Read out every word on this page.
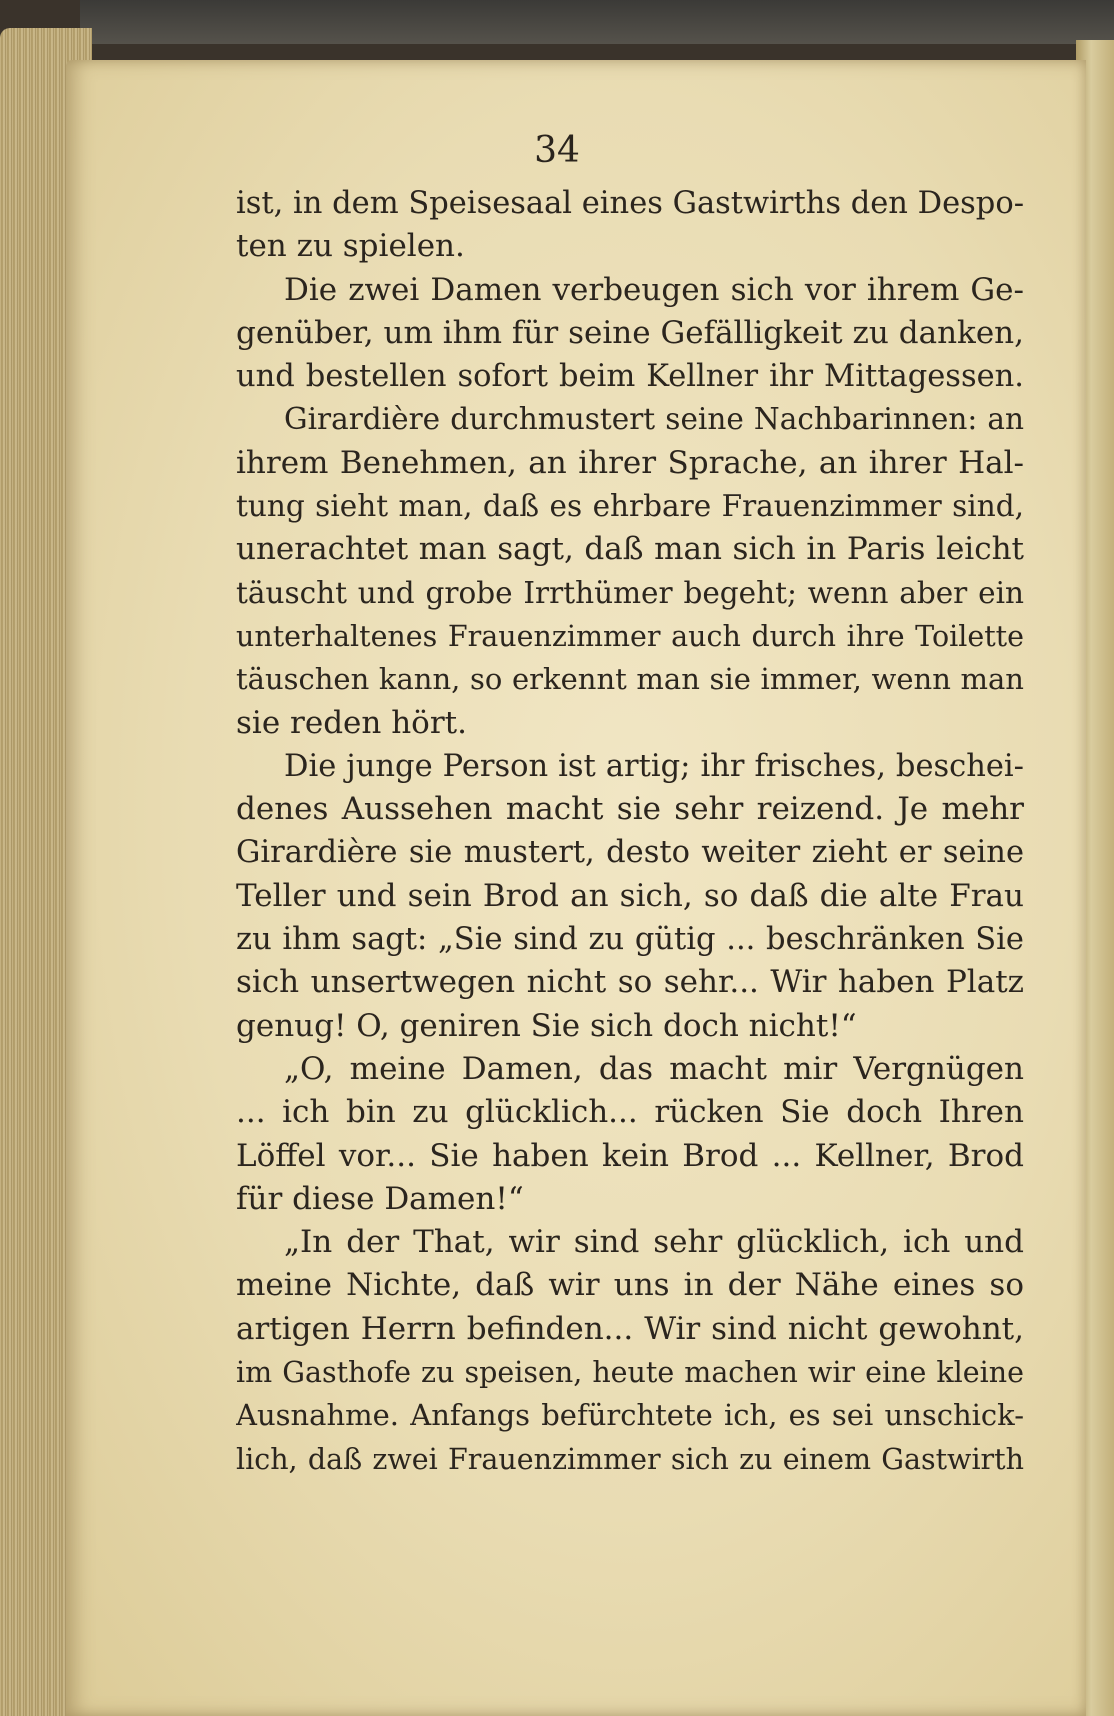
34
ist, in dem Speisesaal eines Gastwirths den Despo-
ten zu spielen.
Die zwei Damen verbeugen sich vor ihrem Ge-
genüber, um ihm für seine Gefälligkeit zu danken,
und bestellen sofort beim Kellner ihr Mittagessen.
Girardière durchmustert seine Nachbarinnen: an
ihrem Benehmen, an ihrer Sprache, an ihrer Hal-
tung sieht man, daß es ehrbare Frauenzimmer sind,
unerachtet man sagt, daß man sich in Paris leicht
täuscht und grobe Irrthümer begeht; wenn aber ein
unterhaltenes Frauenzimmer auch durch ihre Toilette
täuschen kann, so erkennt man sie immer, wenn man
sie reden hört.
Die junge Person ist artig; ihr frisches, beschei-
denes Aussehen macht sie sehr reizend. Je mehr
Girardière sie mustert, desto weiter zieht er seine
Teller und sein Brod an sich, so daß die alte Frau
zu ihm sagt: „Sie sind zu gütig ... beschränken Sie
sich unsertwegen nicht so sehr... Wir haben Platz
genug! O, geniren Sie sich doch nicht!“
„O, meine Damen, das macht mir Vergnügen
... ich bin zu glücklich... rücken Sie doch Ihren
Löffel vor... Sie haben kein Brod ... Kellner, Brod
für diese Damen!“
„In der That, wir sind sehr glücklich, ich und
meine Nichte, daß wir uns in der Nähe eines so
artigen Herrn befinden... Wir sind nicht gewohnt,
im Gasthofe zu speisen, heute machen wir eine kleine
Ausnahme. Anfangs befürchtete ich, es sei unschick-
lich, daß zwei Frauenzimmer sich zu einem Gastwirth
